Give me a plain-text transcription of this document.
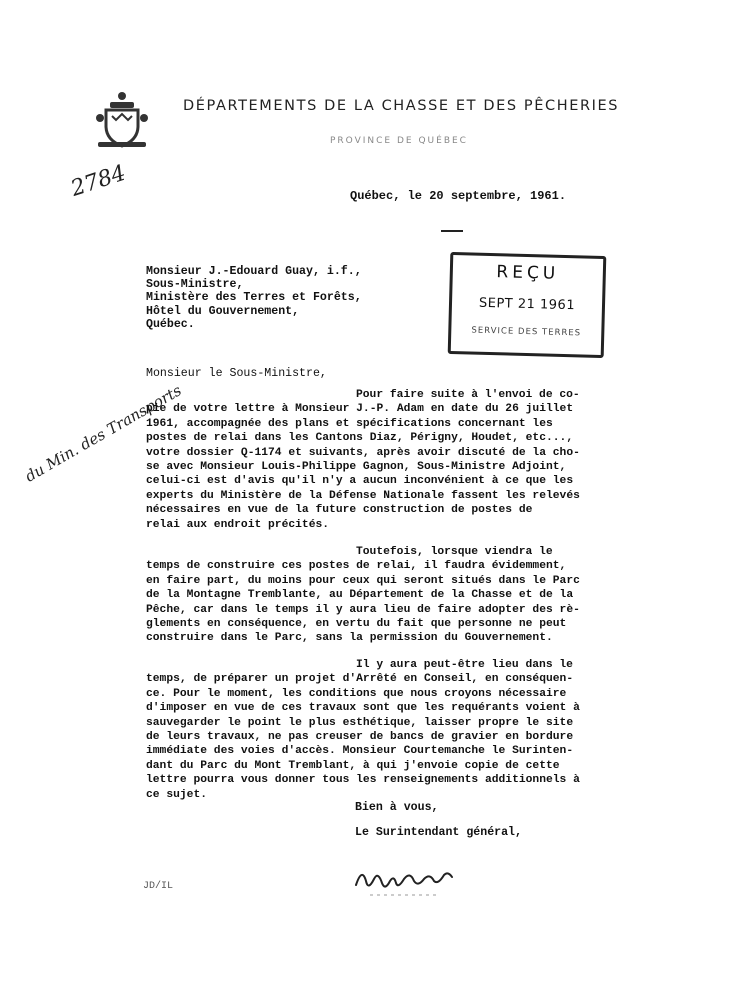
DÉPARTEMENTS DE LA CHASSE ET DES PÊCHERIES
PROVINCE DE QUÉBEC
2784	Québec, le 20 septembre, 1961.
REÇU
SEPT 21 1961
SERVICE DES TERRES
Monsieur J.-Edouard Guay, i.f.,
Sous-Ministre,
Ministère des Terres et Forêts,
Hôtel du Gouvernement,
Québec.
Monsieur le Sous-Ministre,
du Min. des Transports	Pour faire suite à l'envoi de co-
pie de votre lettre à Monsieur J.-P. Adam en date du 26 juillet
1961, accompagnée des plans et spécifications concernant les
postes de relai dans les Cantons Diaz, Périgny, Houdet, etc...,
votre dossier Q-1174 et suivants, après avoir discuté de la cho-
se avec Monsieur Louis-Philippe Gagnon, Sous-Ministre Adjoint,
celui-ci est d'avis qu'il n'y a aucun inconvénient à ce que les
experts du Ministère de la Défense Nationale fassent les relevés
nécessaires en vue de la future construction de postes de
relai aux endroit précités.
Toutefois, lorsque viendra le
temps de construire ces postes de relai, il faudra évidemment,
en faire part, du moins pour ceux qui seront situés dans le Parc
de la Montagne Tremblante, au Département de la Chasse et de la
Pêche, car dans le temps il y aura lieu de faire adopter des rè-
glements en conséquence, en vertu du fait que personne ne peut
construire dans le Parc, sans la permission du Gouvernement.
Il y aura peut-être lieu dans le
temps, de préparer un projet d'Arrêté en Conseil, en conséquen-
ce. Pour le moment, les conditions que nous croyons nécessaire
d'imposer en vue de ces travaux sont que les requérants voient à
sauvegarder le point le plus esthétique, laisser propre le site
de leurs travaux, ne pas creuser de bancs de gravier en bordure
immédiate des voies d'accès. Monsieur Courtemanche le Surinten-
dant du Parc du Mont Tremblant, à qui j'envoie copie de cette
lettre pourra vous donner tous les renseignements additionnels à
ce sujet.
Bien à vous,
Le Surintendant général,
JD/IL
